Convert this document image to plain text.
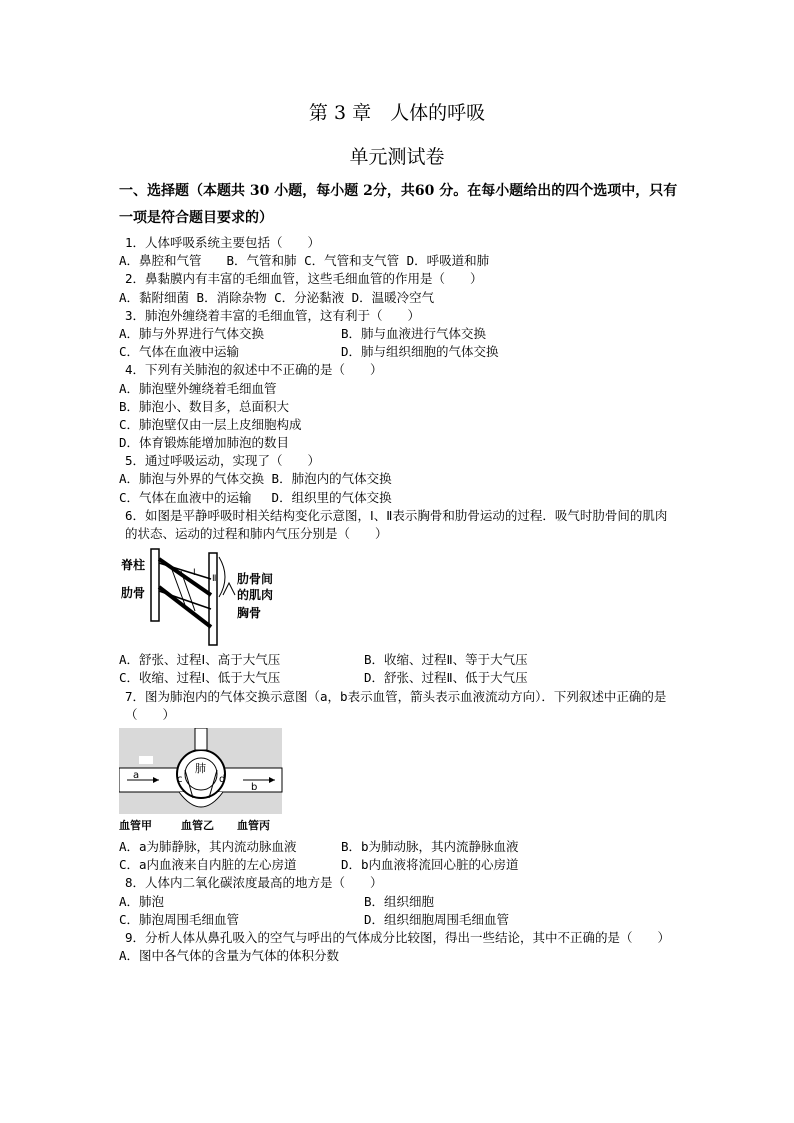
第 3 章　人体的呼吸
单元测试卷
一、选择题（本题共 30 小题，每小题 2分，共60 分。在每小题给出的四个选项中，只有一项是符合题目要求的）
1．人体呼吸系统主要包括（　　）
A．鼻腔和气管　　B．气管和肺 C．气管和支气管 D．呼吸道和肺
2．鼻黏膜内有丰富的毛细血管，这些毛细血管的作用是（　　）
A．黏附细菌 B．消除杂物 C．分泌黏液 D．温暖冷空气
3．肺泡外缠绕着丰富的毛细血管，这有利于（　　）
A．肺与外界进行气体交换	B．肺与血液进行气体交换
C．气体在血液中运输	D．肺与组织细胞的气体交换
4．下列有关肺泡的叙述中不正确的是（　　）
A．肺泡壁外缠绕着毛细血管
B．肺泡小、数目多，总面积大
C．肺泡壁仅由一层上皮细胞构成
D．体育锻炼能增加肺泡的数目
5．通过呼吸运动，实现了（　　）
A．肺泡与外界的气体交换 B．肺泡内的气体交换
C．气体在血液中的运输　 D．组织里的气体交换
6．如图是平静呼吸时相关结构变化示意图，Ⅰ、Ⅱ表示胸骨和肋骨运动的过程．吸气时肋骨间的肌肉的状态、运动的过程和肺内气压分别是（　　）
Ⅰ
Ⅱ
脊柱
肋骨
肋骨间
的肌肉
胸骨
A．舒张、过程Ⅰ、高于大气压	B．收缩、过程Ⅱ、等于大气压
C．收缩、过程Ⅰ、低于大气压	D．舒张、过程Ⅱ、低于大气压
7．图为肺泡内的气体交换示意图（a，b表示血管，箭头表示血液流动方向）．下列叙述中正确的是（　　）
肺
a
b
c	d
血管甲	血管乙 血管丙
A．a为肺静脉，其内流动脉血液	B．b为肺动脉，其内流静脉血液
C．a内血液来自内脏的左心房道	D．b内血液将流回心脏的心房道
8．人体内二氧化碳浓度最高的地方是（　　）
A．肺泡	B．组织细胞
C．肺泡周围毛细血管	D．组织细胞周围毛细血管
9．分析人体从鼻孔吸入的空气与呼出的气体成分比较图，得出一些结论，其中不正确的是（　　）
A．图中各气体的含量为气体的体积分数
